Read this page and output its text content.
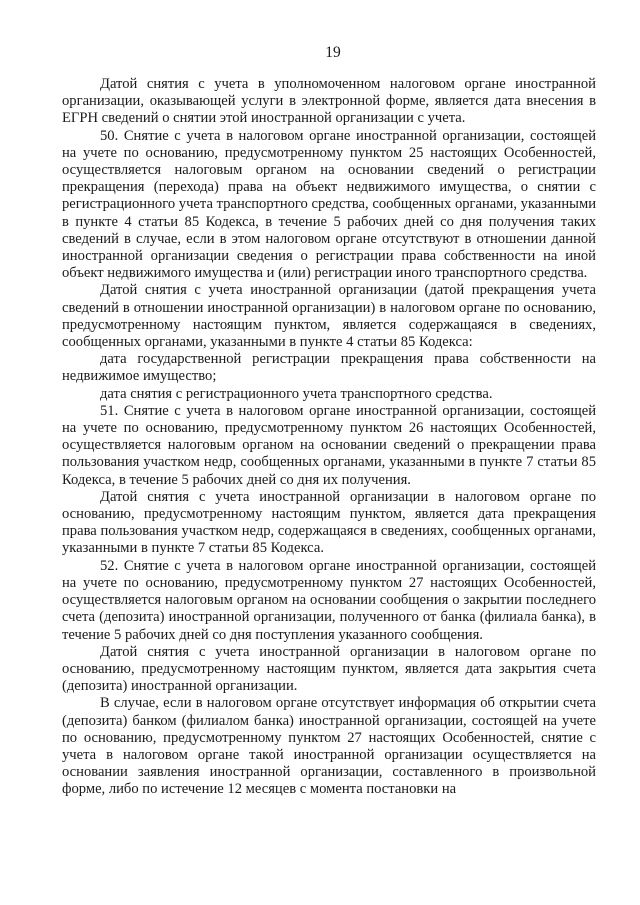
19

Датой снятия с учета в уполномоченном налоговом органе иностранной организации, оказывающей услуги в электронной форме, является дата внесения в ЕГРН сведений о снятии этой иностранной организации с учета.

50. Снятие с учета в налоговом органе иностранной организации, состоящей на учете по основанию, предусмотренному пунктом 25 настоящих Особенностей, осуществляется налоговым органом на основании сведений о регистрации прекращения (перехода) права на объект недвижимого имущества, о снятии с регистрационного учета транспортного средства, сообщенных органами, указанными в пункте 4 статьи 85 Кодекса, в течение 5 рабочих дней со дня получения таких сведений в случае, если в этом налоговом органе отсутствуют в отношении данной иностранной организации сведения о регистрации права собственности на иной объект недвижимого имущества и (или) регистрации иного транспортного средства.

Датой снятия с учета иностранной организации (датой прекращения учета сведений в отношении иностранной организации) в налоговом органе по основанию, предусмотренному настоящим пунктом, является содержащаяся в сведениях, сообщенных органами, указанными в пункте 4 статьи 85 Кодекса:

дата государственной регистрации прекращения права собственности на недвижимое имущество;

дата снятия с регистрационного учета транспортного средства.

51. Снятие с учета в налоговом органе иностранной организации, состоящей на учете по основанию, предусмотренному пунктом 26 настоящих Особенностей, осуществляется налоговым органом на основании сведений о прекращении права пользования участком недр, сообщенных органами, указанными в пункте 7 статьи 85 Кодекса, в течение 5 рабочих дней со дня их получения.

Датой снятия с учета иностранной организации в налоговом органе по основанию, предусмотренному настоящим пунктом, является дата прекращения права пользования участком недр, содержащаяся в сведениях, сообщенных органами, указанными в пункте 7 статьи 85 Кодекса.

52. Снятие с учета в налоговом органе иностранной организации, состоящей на учете по основанию, предусмотренному пунктом 27 настоящих Особенностей, осуществляется налоговым органом на основании сообщения о закрытии последнего счета (депозита) иностранной организации, полученного от банка (филиала банка), в течение 5 рабочих дней со дня поступления указанного сообщения.

Датой снятия с учета иностранной организации в налоговом органе по основанию, предусмотренному настоящим пунктом, является дата закрытия счета (депозита) иностранной организации.

В случае, если в налоговом органе отсутствует информация об открытии счета (депозита) банком (филиалом банка) иностранной организации, состоящей на учете по основанию, предусмотренному пунктом 27 настоящих Особенностей, снятие с учета в налоговом органе такой иностранной организации осуществляется на основании заявления иностранной организации, составленного в произвольной форме, либо по истечение 12 месяцев с момента постановки на
